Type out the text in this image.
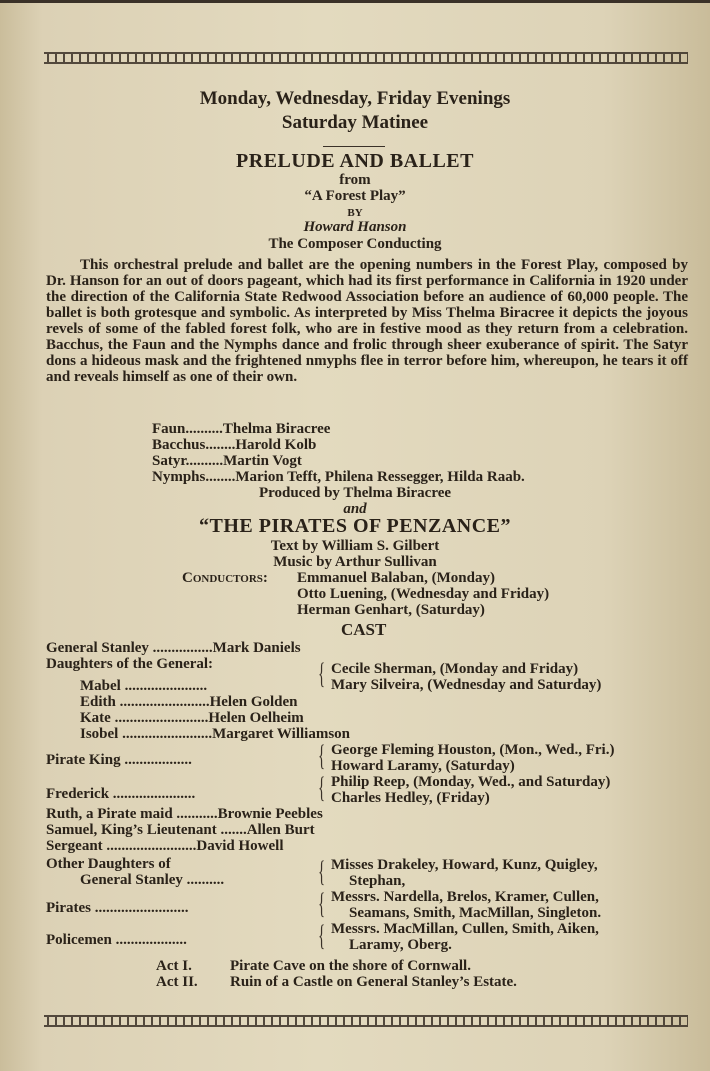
Monday, Wednesday, Friday Evenings
Saturday Matinee
PRELUDE AND BALLET
from
“A Forest Play”
BY
Howard Hanson
The Composer Conducting

This orchestral prelude and ballet are the opening numbers in the Forest Play, composed by Dr. Hanson for an out of doors pageant, which had its first performance in California in 1920 under the direction of the California State Redwood Association before an audience of 60,000 people. The ballet is both grotesque and symbolic. As interpreted by Miss Thelma Biracree it depicts the joyous revels of some of the fabled forest folk, who are in festive mood as they return from a celebration. Bacchus, the Faun and the Nymphs dance and frolic through sheer exuberance of spirit. The Satyr dons a hideous mask and the frightened nmyphs flee in terror before him, whereupon, he tears it off and reveals himself as one of their own.

Faun..........Thelma Biracree
Bacchus........Harold Kolb
Satyr..........Martin Vogt
Nymphs........Marion Tefft, Philena Ressegger, Hilda Raab.
Produced by Thelma Biracree
and
“THE PIRATES OF PENZANCE”
Text by William S. Gilbert
Music by Arthur Sullivan
Conductors: Emmanuel Balaban, (Monday)
Otto Luening, (Wednesday and Friday)
Herman Genhart, (Saturday)
CAST
General Stanley ................Mark Daniels
Daughters of the General:	{ Cecile Sherman, (Monday and Friday)
Mary Silveira, (Wednesday and Saturday)
Mabel ......................
Edith ........................Helen Golden
Kate .........................Helen Oelheim
Isobel ........................Margaret Williamson
Pirate King ..................	{ George Fleming Houston, (Mon., Wed., Fri.)
Howard Laramy, (Saturday)
Frederick ......................	{ Philip Reep, (Monday, Wed., and Saturday)
Charles Hedley, (Friday)
Ruth, a Pirate maid ...........Brownie Peebles
Samuel, King’s Lieutenant .......Allen Burt
Sergeant ........................David Howell
Other Daughters of
General Stanley ..........	{ Misses Drakeley, Howard, Kunz, Quigley,
Stephan,
Pirates .........................	{ Messrs. Nardella, Brelos, Kramer, Cullen,
Seamans, Smith, MacMillan, Singleton.
Policemen ...................	{ Messrs. MacMillan, Cullen, Smith, Aiken,
Laramy, Oberg.
Act I.	Pirate Cave on the shore of Cornwall.
Act II. Ruin of a Castle on General Stanley’s Estate.
